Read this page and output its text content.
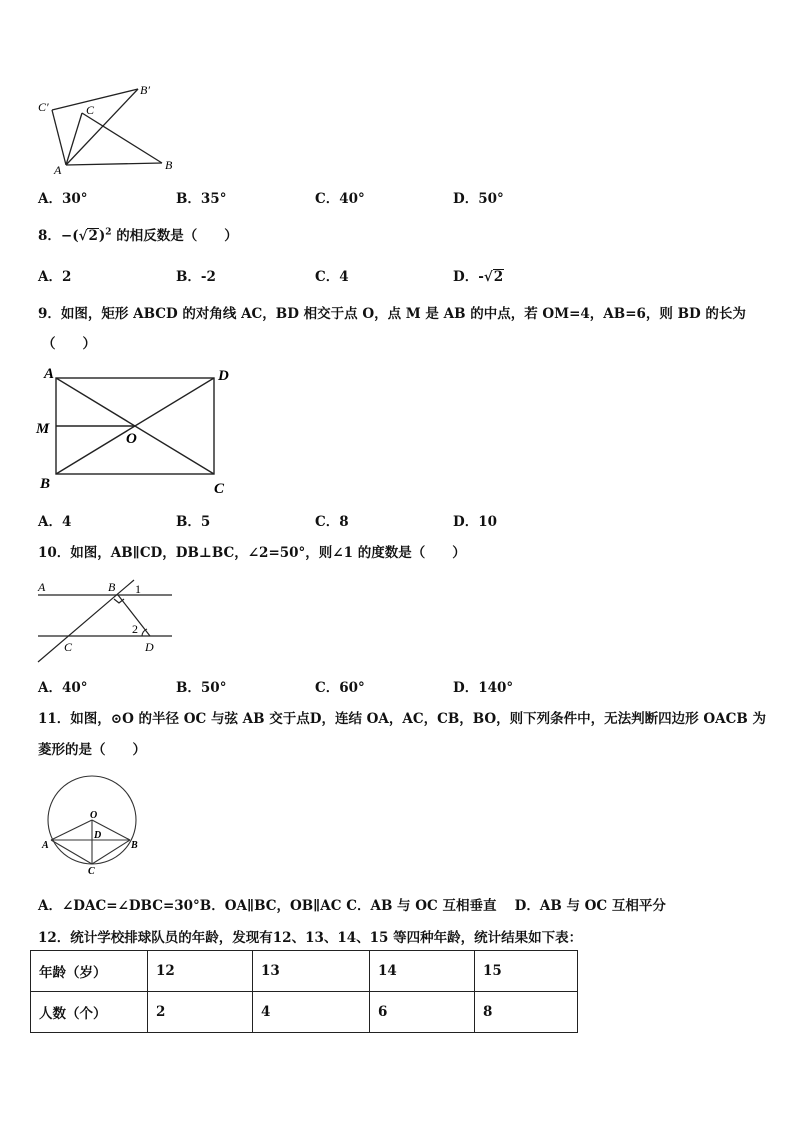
C′
B′
C
A	B
A．30°	B．35°	C．40°	D．50°
8．$-(√2)^2$ 的相反数是（　　）
A．2	B．-2	C．4	D．-√2
9．如图，矩形 ABCD 的对角线 AC，BD 相交于点 O，点 M 是 AB 的中点，若 OM=4，AB=6，则 BD 的长为
（　　）
A	D
M
O
B	C
A．4	B．5	C．8	D．10
10．如图，AB∥CD，DB⊥BC，∠2=50°，则∠1 的度数是（　　）
A	B 1
2
C	D
A．40°	B．50°	C．60°	D．140°
11．如图，⊙O 的半径 OC 与弦 AB 交于点D，连结 OA，AC，CB，BO，则下列条件中，无法判断四边形 OACB 为
菱形的是（　　）
O
D
A	B
C
A．∠DAC=∠DBC=30°B．OA∥BC，OB∥AC C．AB 与 OC 互相垂直　 D．AB 与 OC 互相平分
12．统计学校排球队员的年龄，发现有12、13、14、15 等四种年龄，统计结果如下表：
年龄（岁）	12	13	14	15
人数（个）	2	4	6	8
